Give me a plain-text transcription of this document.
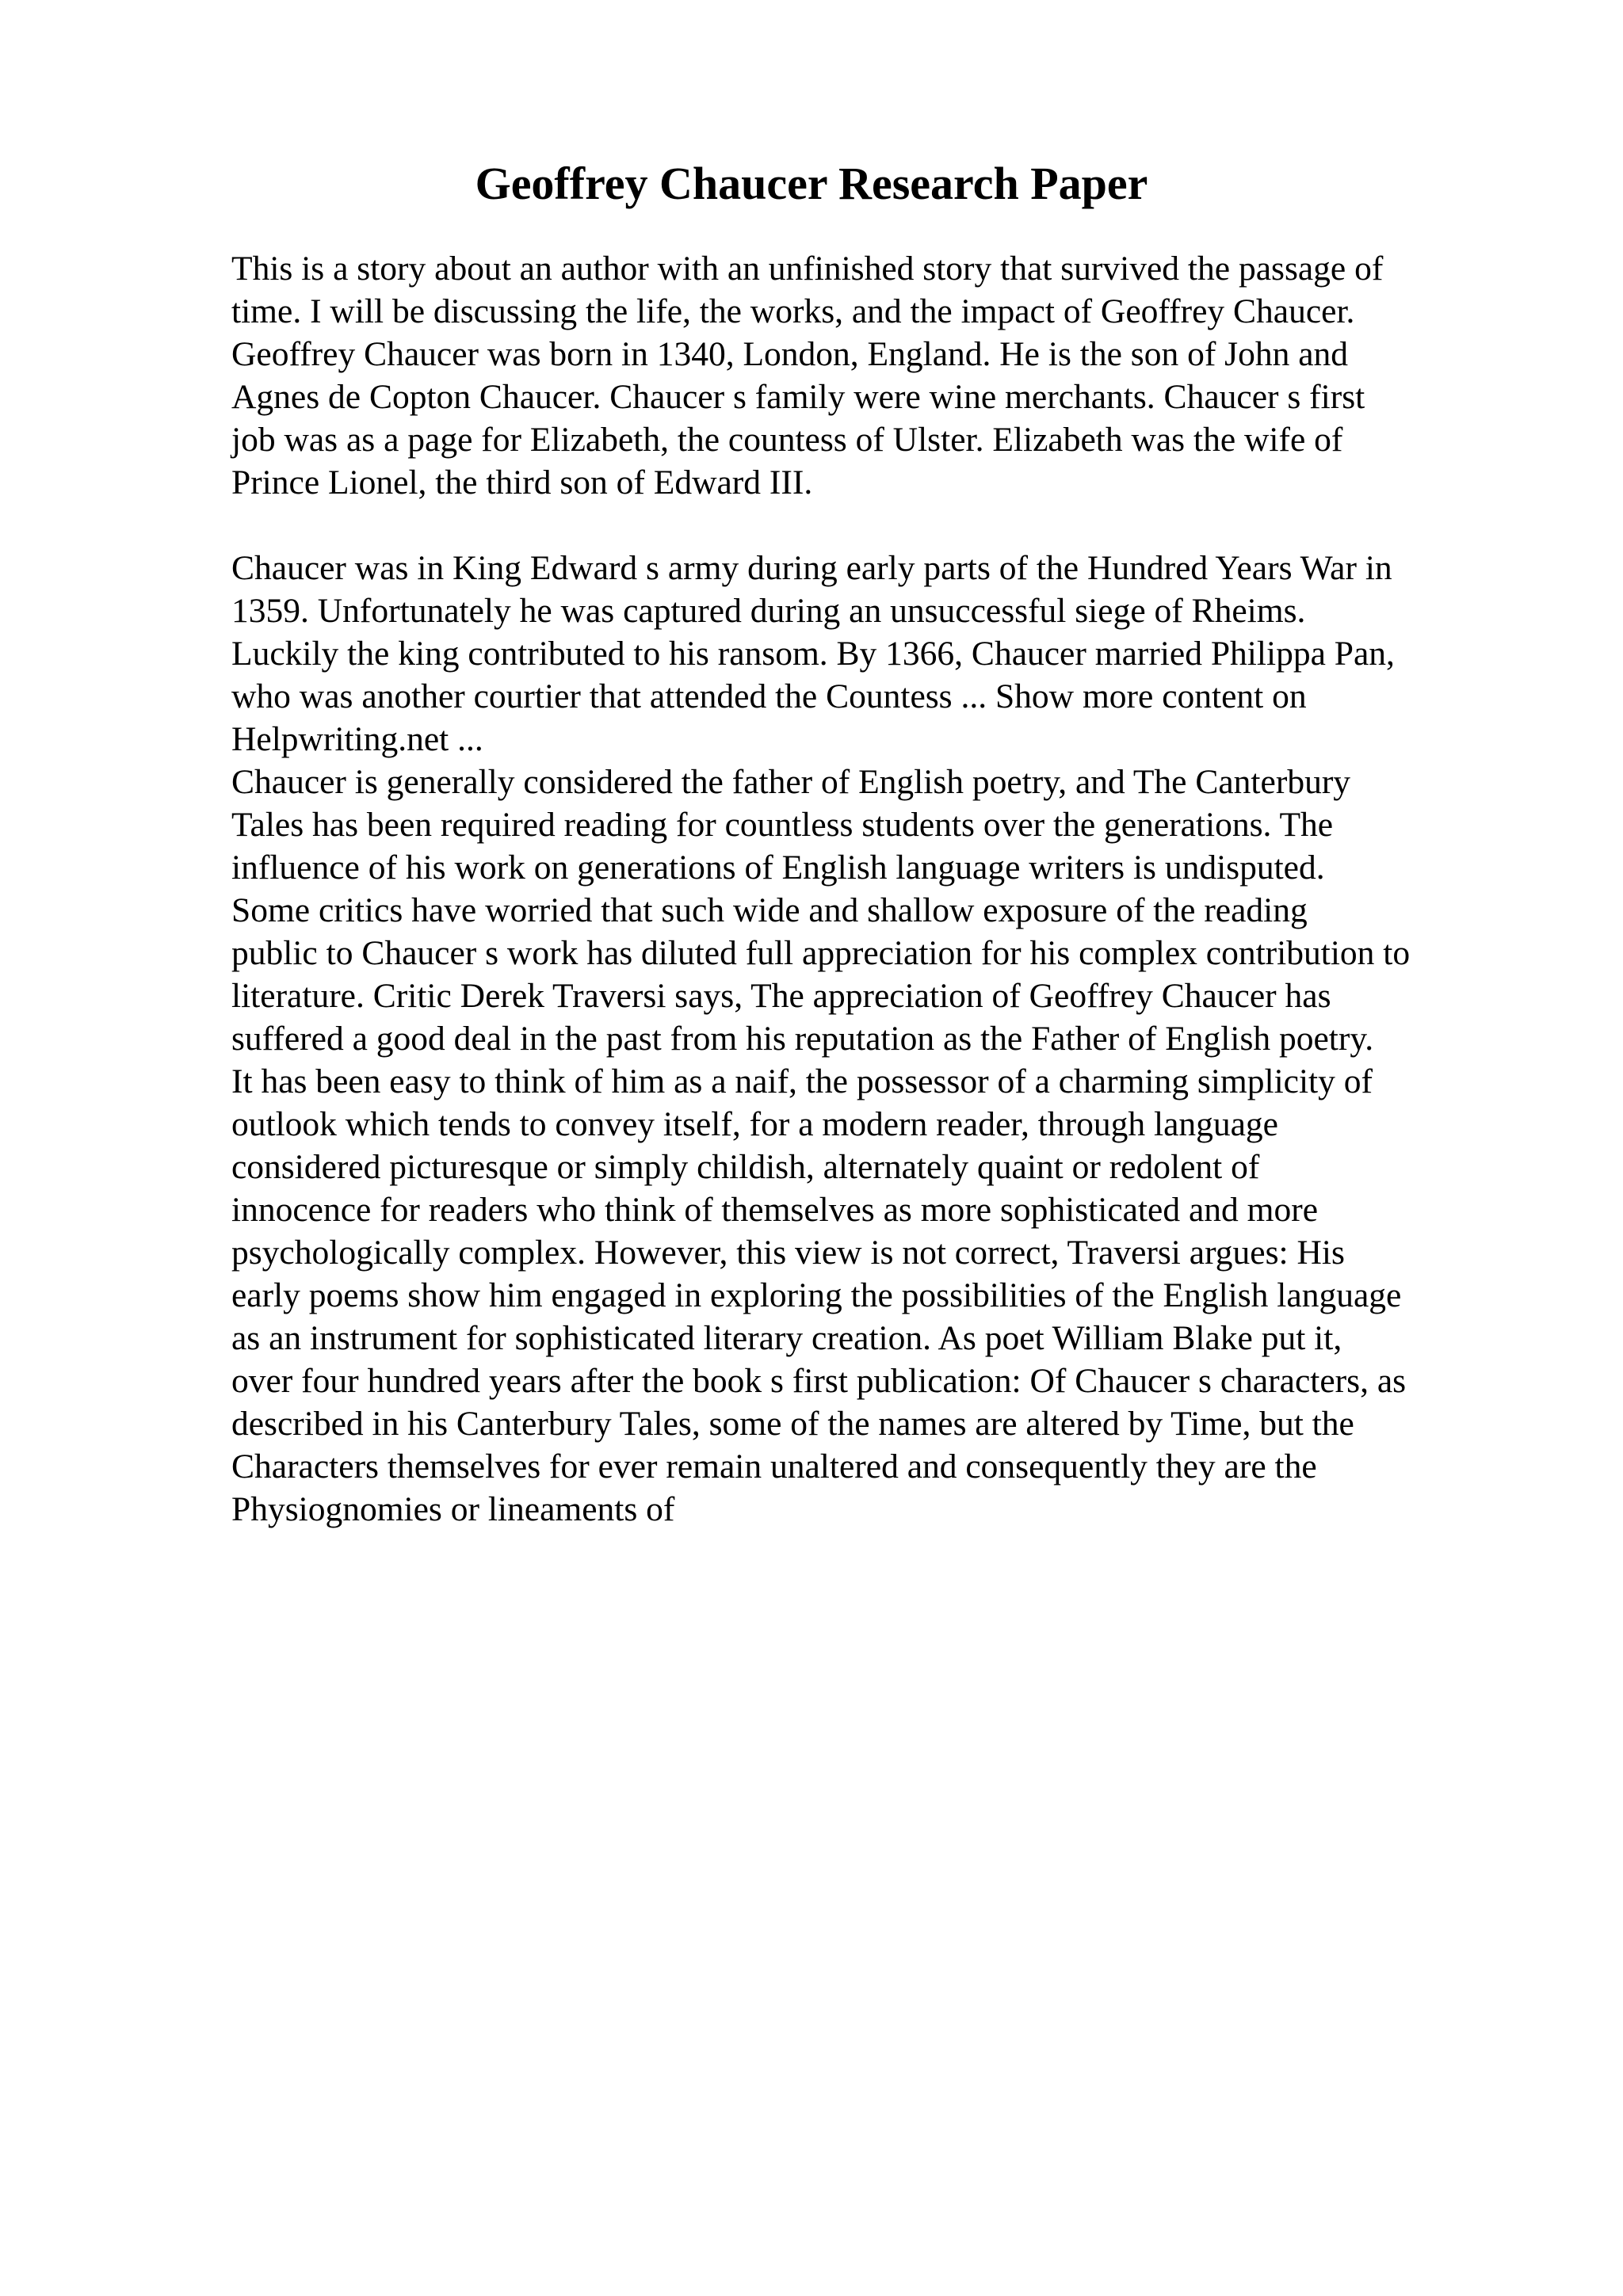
Geoffrey Chaucer Research Paper
This is a story about an author with an unfinished story that survived the passage of
time. I will be discussing the life, the works, and the impact of Geoffrey Chaucer.
Geoffrey Chaucer was born in 1340, London, England. He is the son of John and
Agnes de Copton Chaucer. Chaucer s family were wine merchants. Chaucer s first
job was as a page for Elizabeth, the countess of Ulster. Elizabeth was the wife of
Prince Lionel, the third son of Edward III.
Chaucer was in King Edward s army during early parts of the Hundred Years War in
1359. Unfortunately he was captured during an unsuccessful siege of Rheims.
Luckily the king contributed to his ransom. By 1366, Chaucer married Philippa Pan,
who was another courtier that attended the Countess ... Show more content on
Helpwriting.net ...
Chaucer is generally considered the father of English poetry, and The Canterbury
Tales has been required reading for countless students over the generations. The
influence of his work on generations of English language writers is undisputed.
Some critics have worried that such wide and shallow exposure of the reading
public to Chaucer s work has diluted full appreciation for his complex contribution to
literature. Critic Derek Traversi says, The appreciation of Geoffrey Chaucer has
suffered a good deal in the past from his reputation as the Father of English poetry.
It has been easy to think of him as a naif, the possessor of a charming simplicity of
outlook which tends to convey itself, for a modern reader, through language
considered picturesque or simply childish, alternately quaint or redolent of
innocence for readers who think of themselves as more sophisticated and more
psychologically complex. However, this view is not correct, Traversi argues: His
early poems show him engaged in exploring the possibilities of the English language
as an instrument for sophisticated literary creation. As poet William Blake put it,
over four hundred years after the book s first publication: Of Chaucer s characters, as
described in his Canterbury Tales, some of the names are altered by Time, but the
Characters themselves for ever remain unaltered and consequently they are the
Physiognomies or lineaments of
